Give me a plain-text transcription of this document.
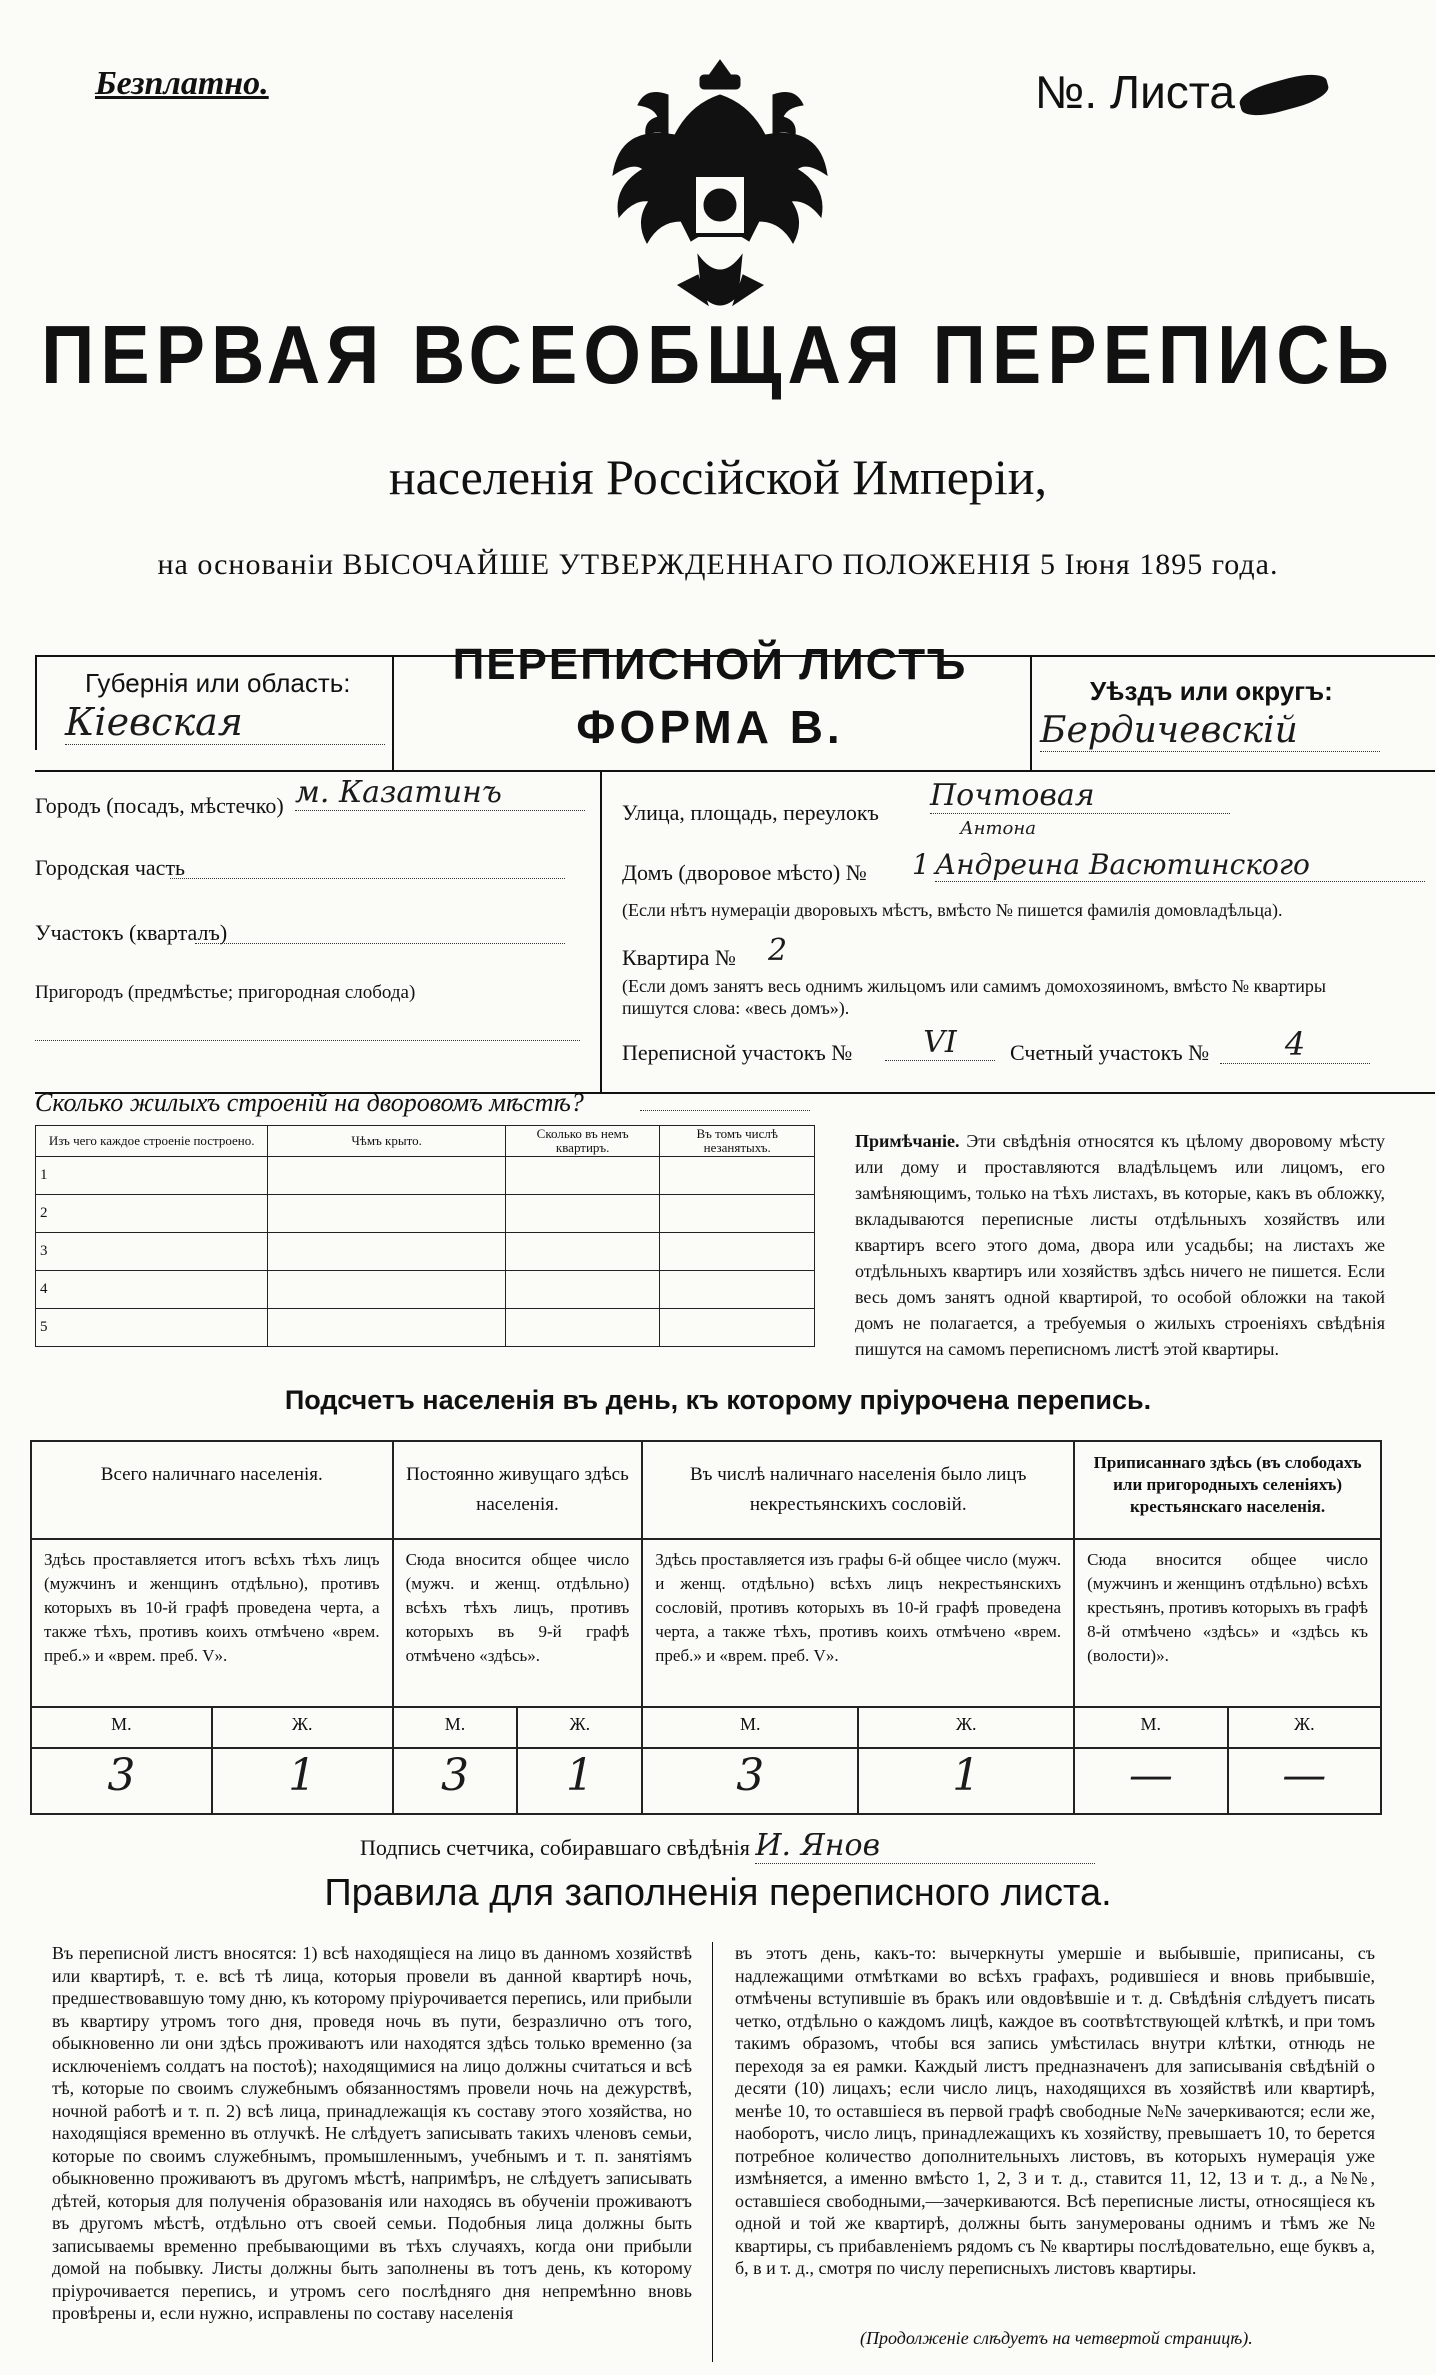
Безплатно.	№. Листа
ПЕРВАЯ ВСЕОБЩАЯ ПЕРЕПИСЬ
населенія Россійской Имперіи,
на основаніи ВЫСОЧАЙШЕ УТВЕРЖДЕННАГО ПОЛОЖЕНІЯ 5 Іюня 1895 года.
Губернія или область:
Кіевская
ПЕРЕПИСНОЙ ЛИСТЪ
ФОРМА В.
Уѣздъ или округъ:
Бердичевскій
Городъ (посадъ, мѣстечко) м. Казатинъ
Городская часть
Участокъ (кварталъ)
Пригородъ (предмѣстье; пригородная слобода)
Улица, площадь, переулокъ Почтовая
Антона
Домъ (дворовое мѣсто) № 1 Андреина Васютинского
(Если нѣтъ нумераціи дворовыхъ мѣстъ, вмѣсто № пишется фамилія домовладѣльца).
Квартира № 2
(Если домъ занятъ весь однимъ жильцомъ или самимъ домохозяиномъ, вмѣсто № квартиры пишутся слова: «весь домъ»).
Переписной участокъ №	VI	Счетный участокъ №	4
Сколько жилыхъ строеній на дворовомъ мѣстѣ?
Изъ чего каждое строеніе построено.	Чѣмъ крыто.	Сколько въ немъ квартиръ.	Въ томъ числѣ незанятыхъ.
1			
2			
3			
4			
5			
Примѣчаніе. Эти свѣдѣнія относятся къ цѣлому дворовому мѣсту или дому и проставляются владѣльцемъ или лицомъ, его замѣняющимъ, только на тѣхъ листахъ, въ которые, какъ въ обложку, вкладываются переписные листы отдѣльныхъ хозяйствъ или квартиръ всего этого дома, двора или усадьбы; на листахъ же отдѣльныхъ квартиръ или хозяйствъ здѣсь ничего не пишется. Если весь домъ занятъ одной квартирой, то особой обложки на такой домъ не полагается, а требуемыя о жилыхъ строеніяхъ свѣдѣнія пишутся на самомъ переписномъ листѣ этой квартиры.
Подсчетъ населенія въ день, къ которому пріурочена перепись.
Всего наличнаго населенія.		Постоянно живущаго здѣсь населенія.		Въ числѣ наличнаго населенія было лицъ некрестьянскихъ сословій.		Приписаннаго здѣсь (въ слободахъ или пригородныхъ селеніяхъ) крестьянскаго населенія.	
Здѣсь проставляется итогъ всѣхъ тѣхъ лицъ (мужчинъ и женщинъ отдѣльно), противъ которыхъ въ 10-й графѣ проведена черта, а также тѣхъ, противъ коихъ отмѣчено «врем. преб.» и «врем. преб. V».		Сюда вносится общее число (мужч. и женщ. отдѣльно) всѣхъ тѣхъ лицъ, противъ которыхъ въ 9-й графѣ отмѣчено «здѣсь».		Здѣсь проставляется изъ графы 6-й общее число (мужч. и женщ. отдѣльно) всѣхъ лицъ некрестьянскихъ сословій, противъ которыхъ въ 10-й графѣ проведена черта, а также тѣхъ, противъ коихъ отмѣчено «врем. преб.» и «врем. преб. V».		Сюда вносится общее число (мужчинъ и женщинъ отдѣльно) всѣхъ крестьянъ, противъ которыхъ въ графѣ 8-й отмѣчено «здѣсь» и «здѣсь къ (волости)».	
М.	Ж.	М.	Ж.	М.	Ж.	М.	Ж.
3	1	3	1	3	1	—	—
Подпись счетчика, собиравшаго свѣдѣнія И. Янов
Правила для заполненія переписного листа.
Въ переписной листъ вносятся: 1) всѣ находящіеся на лицо въ данномъ хозяйствѣ или квартирѣ, т. е. всѣ тѣ лица, которыя провели въ данной квартирѣ ночь, предшествовавшую тому дню, къ которому пріурочивается перепись, или прибыли въ квартиру утромъ того дня, проведя ночь въ пути, безразлично отъ того, обыкновенно ли они здѣсь проживаютъ или находятся здѣсь только временно (за исключеніемъ солдатъ на постоѣ); находящимися на лицо должны считаться и всѣ тѣ, которые по своимъ служебнымъ обязанностямъ провели ночь на дежурствѣ, ночной работѣ и т. п. 2) всѣ лица, принадлежащія къ составу этого хозяйства, но находящіяся временно въ отлучкѣ. Не слѣдуетъ записывать такихъ членовъ семьи, которые по своимъ служебнымъ, промышленнымъ, учебнымъ и т. п. занятіямъ обыкновенно проживаютъ въ другомъ мѣстѣ, напримѣръ, не слѣдуетъ записывать дѣтей, которыя для полученія образованія или находясь въ обученіи проживаютъ въ другомъ мѣстѣ, отдѣльно отъ своей семьи. Подобныя лица должны быть записываемы временно пребывающими въ тѣхъ случаяхъ, когда они прибыли домой на побывку. Листы должны быть заполнены въ тотъ день, къ которому пріурочивается перепись, и утромъ сего послѣдняго дня непремѣнно вновь провѣрены и, если нужно, исправлены по составу населенія
въ этотъ день, какъ-то: вычеркнуты умершіе и выбывшіе, приписаны, съ надлежащими отмѣтками во всѣхъ графахъ, родившіеся и вновь прибывшіе, отмѣчены вступившіе въ бракъ или овдовѣвшіе и т. д. Свѣдѣнія слѣдуетъ писать четко, отдѣльно о каждомъ лицѣ, каждое въ соотвѣтствующей клѣткѣ, и при томъ такимъ образомъ, чтобы вся запись умѣстилась внутри клѣтки, отнюдь не переходя за ея рамки. Каждый листъ предназначенъ для записыванія свѣдѣній о десяти (10) лицахъ; если число лицъ, находящихся въ хозяйствѣ или квартирѣ, менѣе 10, то оставшіеся въ первой графѣ свободные №№ зачеркиваются; если же, наоборотъ, число лицъ, принадлежащихъ къ хозяйству, превышаетъ 10, то берется потребное количество дополнительныхъ листовъ, въ которыхъ нумерація уже измѣняется, а именно вмѣсто 1, 2, 3 и т. д., ставится 11, 12, 13 и т. д., а №№, оставшіеся свободными,—зачеркиваются. Всѣ переписные листы, относящіеся къ одной и той же квартирѣ, должны быть занумерованы однимъ и тѣмъ же № квартиры, съ прибавленіемъ рядомъ съ № квартиры послѣдовательно, еще буквъ а, б, в и т. д., смотря по числу переписныхъ листовъ квартиры.
(Продолженіе слѣдуетъ на четвертой страницѣ).
